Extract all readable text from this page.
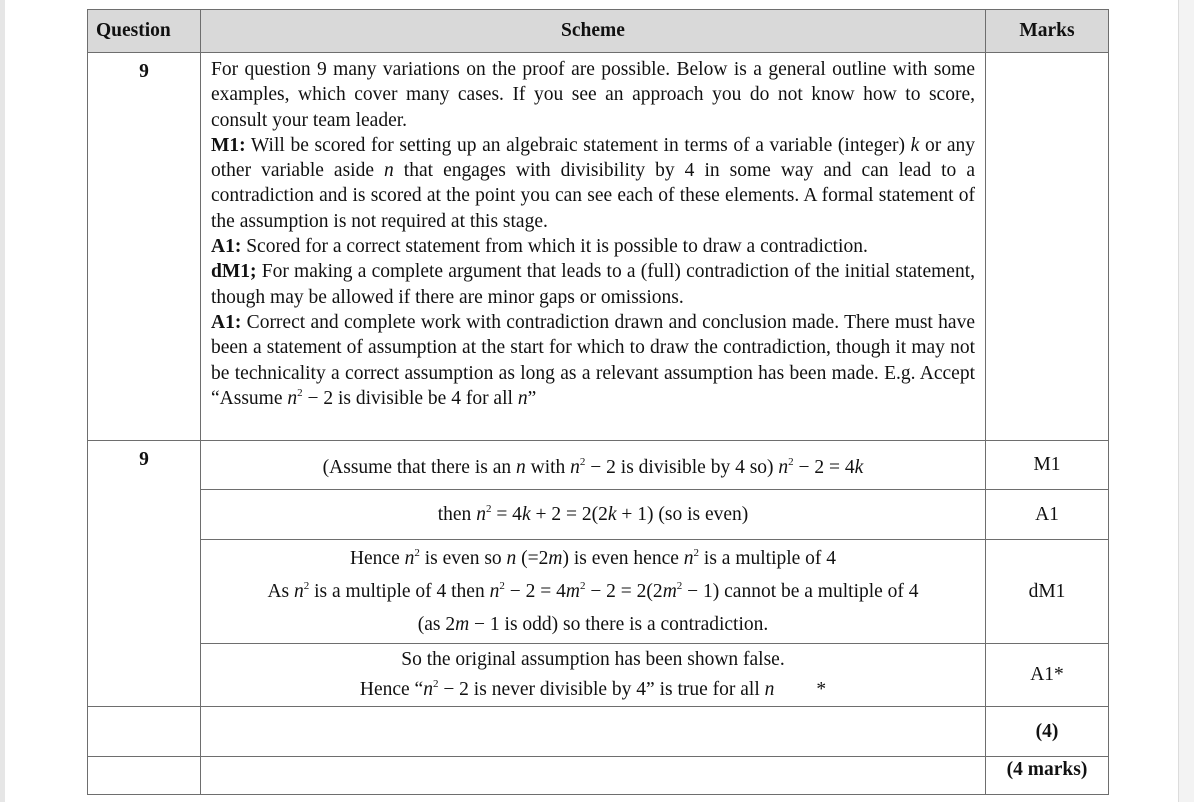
Question	Scheme	Marks
9	For question 9 many variations on the proof are possible. Below is a general outline with some examples, which cover many cases. If you see an approach you do not know how to score, consult your team leader.

M1: Will be scored for setting up an algebraic statement in terms of a variable (integer) k or any other variable aside n that engages with divisibility by 4 in some way and can lead to a contradiction and is scored at the point you can see each of these elements. A formal statement of the assumption is not required at this stage.

A1: Scored for a correct statement from which it is possible to draw a contradiction.

dM1; For making a complete argument that leads to a (full) contradiction of the initial statement, though may be allowed if there are minor gaps or omissions.

A1: Correct and complete work with contradiction drawn and conclusion made. There must have been a statement of assumption at the start for which to draw the contradiction, though it may not be technicality a correct assumption as long as a relevant assumption has been made. E.g. Accept “Assume $n^2 - 2$ is divisible be 4 for all n”	

9	(Assume that there is an n with $n^2 - 2$ is divisible by 4 so) $n^2 - 2 = 4k$	M1
	then $n^2 = 4k + 2 = 2(2k + 1)$ (so is even)	A1

	Hence $n^2$ is even so n (=2m) is even hence $n^2$ is a multiple of 4
As $n^2$ is a multiple of 4 then $n^2 - 2 = 4m^2 - 2 = 2(2m^2 - 1)$ cannot be a multiple of 4
(as 2m − 1 is odd) so there is a contradiction.	dM1

	So the original assumption has been shown false.
Hence “$n^2 - 2$ is never divisible by 4” is true for all n *	A1*
		(4)
		(4 marks)
